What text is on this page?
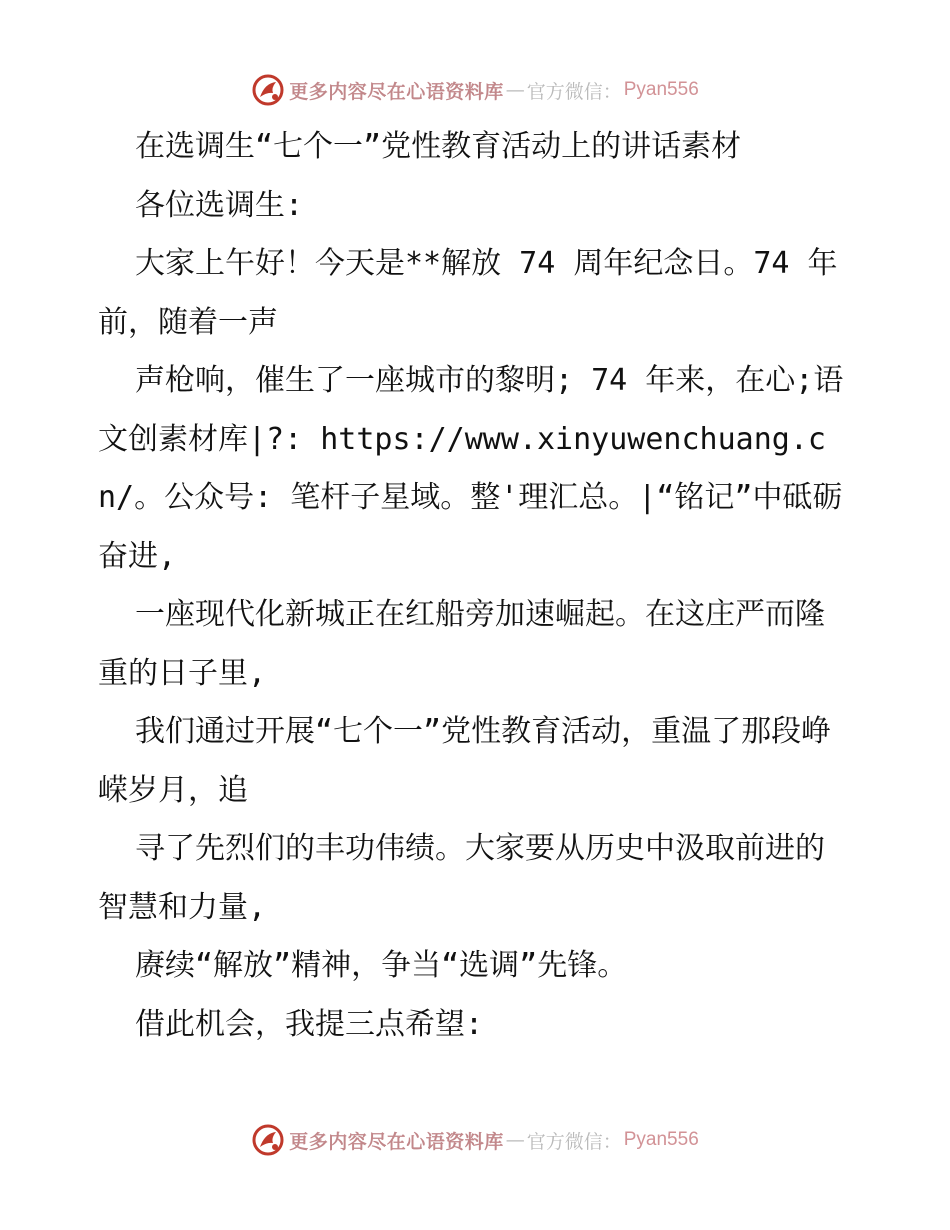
更多内容尽在心语资料库 — 官方微信： Pyan556

在选调生“七个一”党性教育活动上的讲话素材

各位选调生:

大家上午好！今天是**解放 74 周年纪念日。74 年前，随着一声

声枪响，催生了一座城市的黎明; 74 年来，在心;语文创素材库|?: https://www.xinyuwenchuang.cn/。公众号: 笔杆子星域。整'理汇总。|“铭记”中砥砺奋进,

一座现代化新城正在红船旁加速崛起。在这庄严而隆重的日子里,

我们通过开展“七个一”党性教育活动，重温了那段峥嵘岁月，追

寻了先烈们的丰功伟绩。大家要从历史中汲取前进的智慧和力量,

赓续“解放”精神，争当“选调”先锋。

借此机会，我提三点希望:

更多内容尽在心语资料库 — 官方微信： Pyan556
